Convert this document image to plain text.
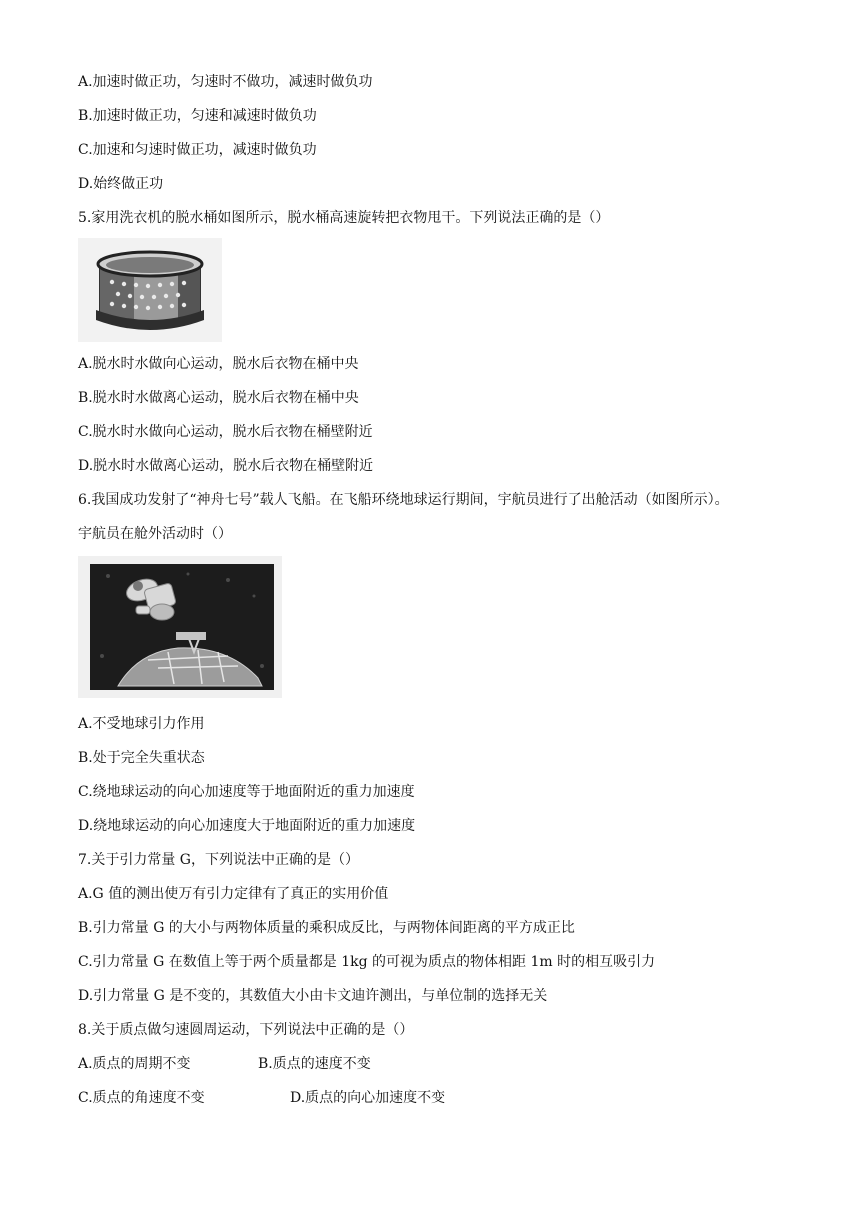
A.加速时做正功，匀速时不做功，减速时做负功
B.加速时做正功，匀速和减速时做负功
C.加速和匀速时做正功，减速时做负功
D.始终做正功
5.家用洗衣机的脱水桶如图所示，脱水桶高速旋转把衣物甩干。下列说法正确的是（）
A.脱水时水做向心运动，脱水后衣物在桶中央
B.脱水时水做离心运动，脱水后衣物在桶中央
C.脱水时水做向心运动，脱水后衣物在桶壁附近
D.脱水时水做离心运动，脱水后衣物在桶壁附近
6.我国成功发射了“神舟七号”载人飞船。在飞船环绕地球运行期间，宇航员进行了出舱活动（如图所示）。
宇航员在舱外活动时（）
A.不受地球引力作用
B.处于完全失重状态
C.绕地球运动的向心加速度等于地面附近的重力加速度
D.绕地球运动的向心加速度大于地面附近的重力加速度
7.关于引力常量 G，下列说法中正确的是（）
A.G 值的测出使万有引力定律有了真正的实用价值
B.引力常量 G 的大小与两物体质量的乘积成反比，与两物体间距离的平方成正比
C.引力常量 G 在数值上等于两个质量都是 1kg 的可视为质点的物体相距 1m 时的相互吸引力
D.引力常量 G 是不变的，其数值大小由卡文迪许测出，与单位制的选择无关
8.关于质点做匀速圆周运动，下列说法中正确的是（）
A.质点的周期不变	B.质点的速度不变
C.质点的角速度不变	D.质点的向心加速度不变
